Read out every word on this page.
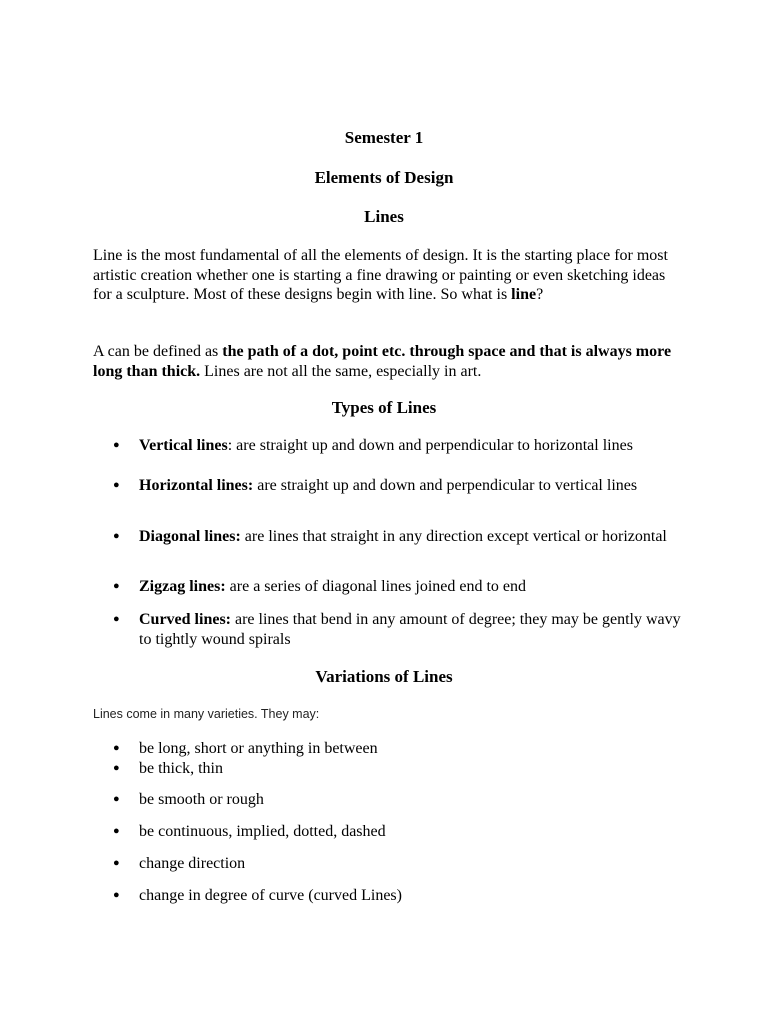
Semester 1
Elements of Design
Lines

Line is the most fundamental of all the elements of design. It is the starting place for most artistic creation whether one is starting a fine drawing or painting or even sketching ideas for a sculpture. Most of these designs begin with line. So what is line?

A can be defined as the path of a dot, point etc. through space and that is always more long than thick. Lines are not all the same, especially in art.

Types of Lines
● Vertical lines: are straight up and down and perpendicular to horizontal lines
● Horizontal lines: are straight up and down and perpendicular to vertical lines
● Diagonal lines: are lines that straight in any direction except vertical or horizontal
● Zigzag lines: are a series of diagonal lines joined end to end
● Curved lines: are lines that bend in any amount of degree; they may be gently wavy to tightly wound spirals
Variations of Lines

Lines come in many varieties. They may:

● be long, short or anything in between
● be thick, thin
● be smooth or rough
● be continuous, implied, dotted, dashed
● change direction
● change in degree of curve (curved Lines)
